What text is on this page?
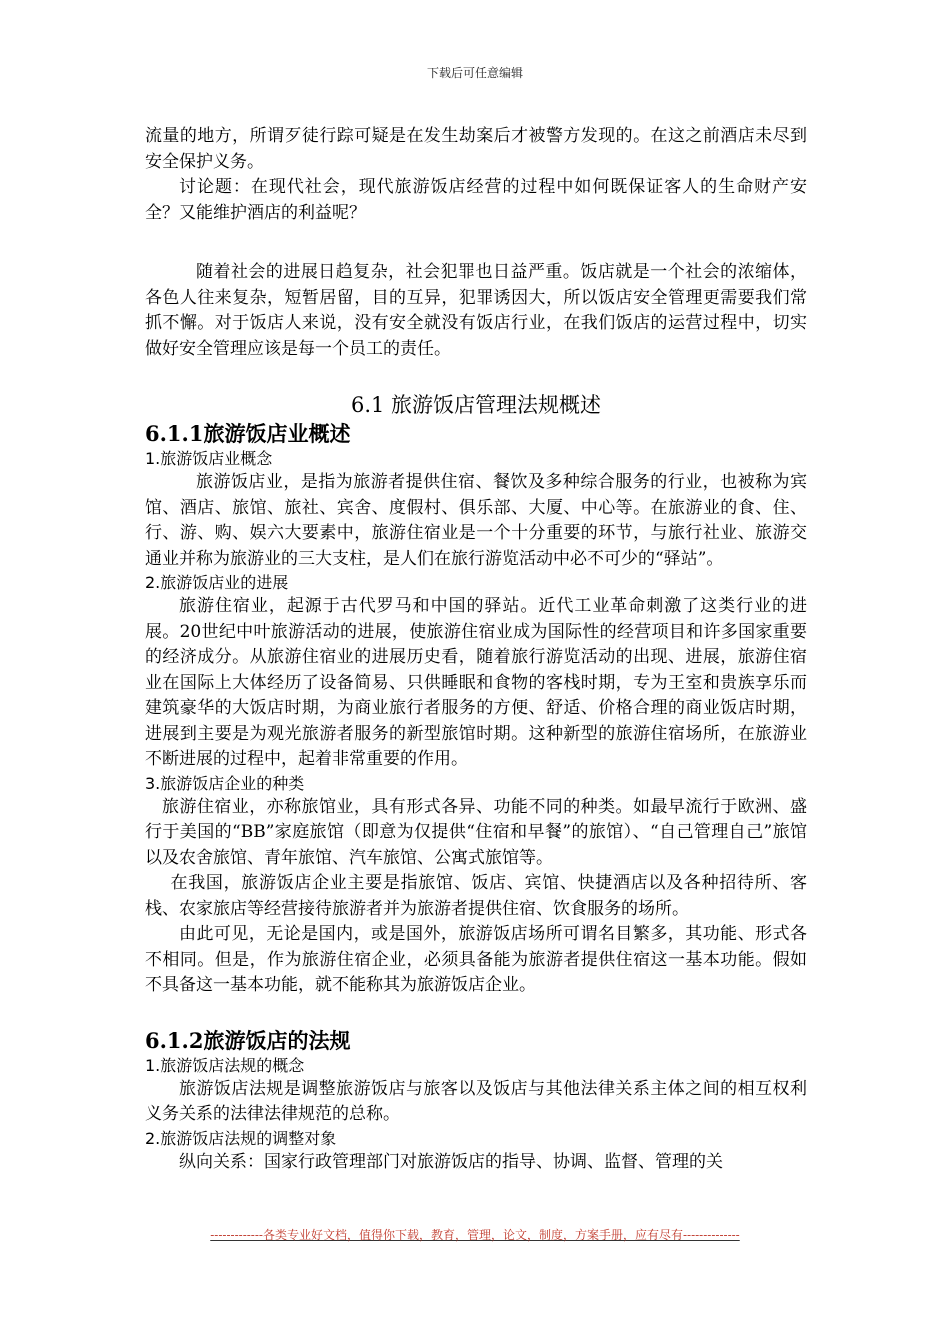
下载后可任意编辑

流量的地方，所谓歹徒行踪可疑是在发生劫案后才被警方发现的。在这之前酒店未尽到安全保护义务。

讨论题：在现代社会，现代旅游饭店经营的过程中如何既保证客人的生命财产安全？又能维护酒店的利益呢？

随着社会的进展日趋复杂，社会犯罪也日益严重。饭店就是一个社会的浓缩体，各色人往来复杂，短暂居留，目的互异，犯罪诱因大，所以饭店安全管理更需要我们常抓不懈。对于饭店人来说，没有安全就没有饭店行业，在我们饭店的运营过程中，切实做好安全管理应该是每一个员工的责任。

6.1 旅游饭店管理法规概述
6.1.1旅游饭店业概述
1.旅游饭店业概念

旅游饭店业，是指为旅游者提供住宿、餐饮及多种综合服务的行业，也被称为宾馆、酒店、旅馆、旅社、宾舍、度假村、俱乐部、大厦、中心等。在旅游业的食、住、行、游、购、娱六大要素中，旅游住宿业是一个十分重要的环节，与旅行社业、旅游交通业并称为旅游业的三大支柱，是人们在旅行游览活动中必不可少的“驿站”。

2.旅游饭店业的进展

旅游住宿业，起源于古代罗马和中国的驿站。近代工业革命刺激了这类行业的进展。20世纪中叶旅游活动的进展，使旅游住宿业成为国际性的经营项目和许多国家重要的经济成分。从旅游住宿业的进展历史看，随着旅行游览活动的出现、进展，旅游住宿业在国际上大体经历了设备简易、只供睡眠和食物的客栈时期，专为王室和贵族享乐而建筑豪华的大饭店时期，为商业旅行者服务的方便、舒适、价格合理的商业饭店时期，进展到主要是为观光旅游者服务的新型旅馆时期。这种新型的旅游住宿场所，在旅游业不断进展的过程中，起着非常重要的作用。

3.旅游饭店企业的种类

旅游住宿业，亦称旅馆业，具有形式各异、功能不同的种类。如最早流行于欧洲、盛行于美国的“BB”家庭旅馆（即意为仅提供“住宿和早餐”的旅馆）、“自己管理自己”旅馆以及农舍旅馆、青年旅馆、汽车旅馆、公寓式旅馆等。

在我国，旅游饭店企业主要是指旅馆、饭店、宾馆、快捷酒店以及各种招待所、客栈、农家旅店等经营接待旅游者并为旅游者提供住宿、饮食服务的场所。

由此可见，无论是国内，或是国外，旅游饭店场所可谓名目繁多，其功能、形式各不相同。但是，作为旅游住宿企业，必须具备能为旅游者提供住宿这一基本功能。假如不具备这一基本功能，就不能称其为旅游饭店企业。

6.1.2旅游饭店的法规
1.旅游饭店法规的概念

旅游饭店法规是调整旅游饭店与旅客以及饭店与其他法律关系主体之间的相互权利义务关系的法律法律规范的总称。

2.旅游饭店法规的调整对象

纵向关系：国家行政管理部门对旅游饭店的指导、协调、监督、管理的关

-------------各类专业好文档，值得你下载，教育，管理，论文，制度，方案手册，应有尽有--------------
